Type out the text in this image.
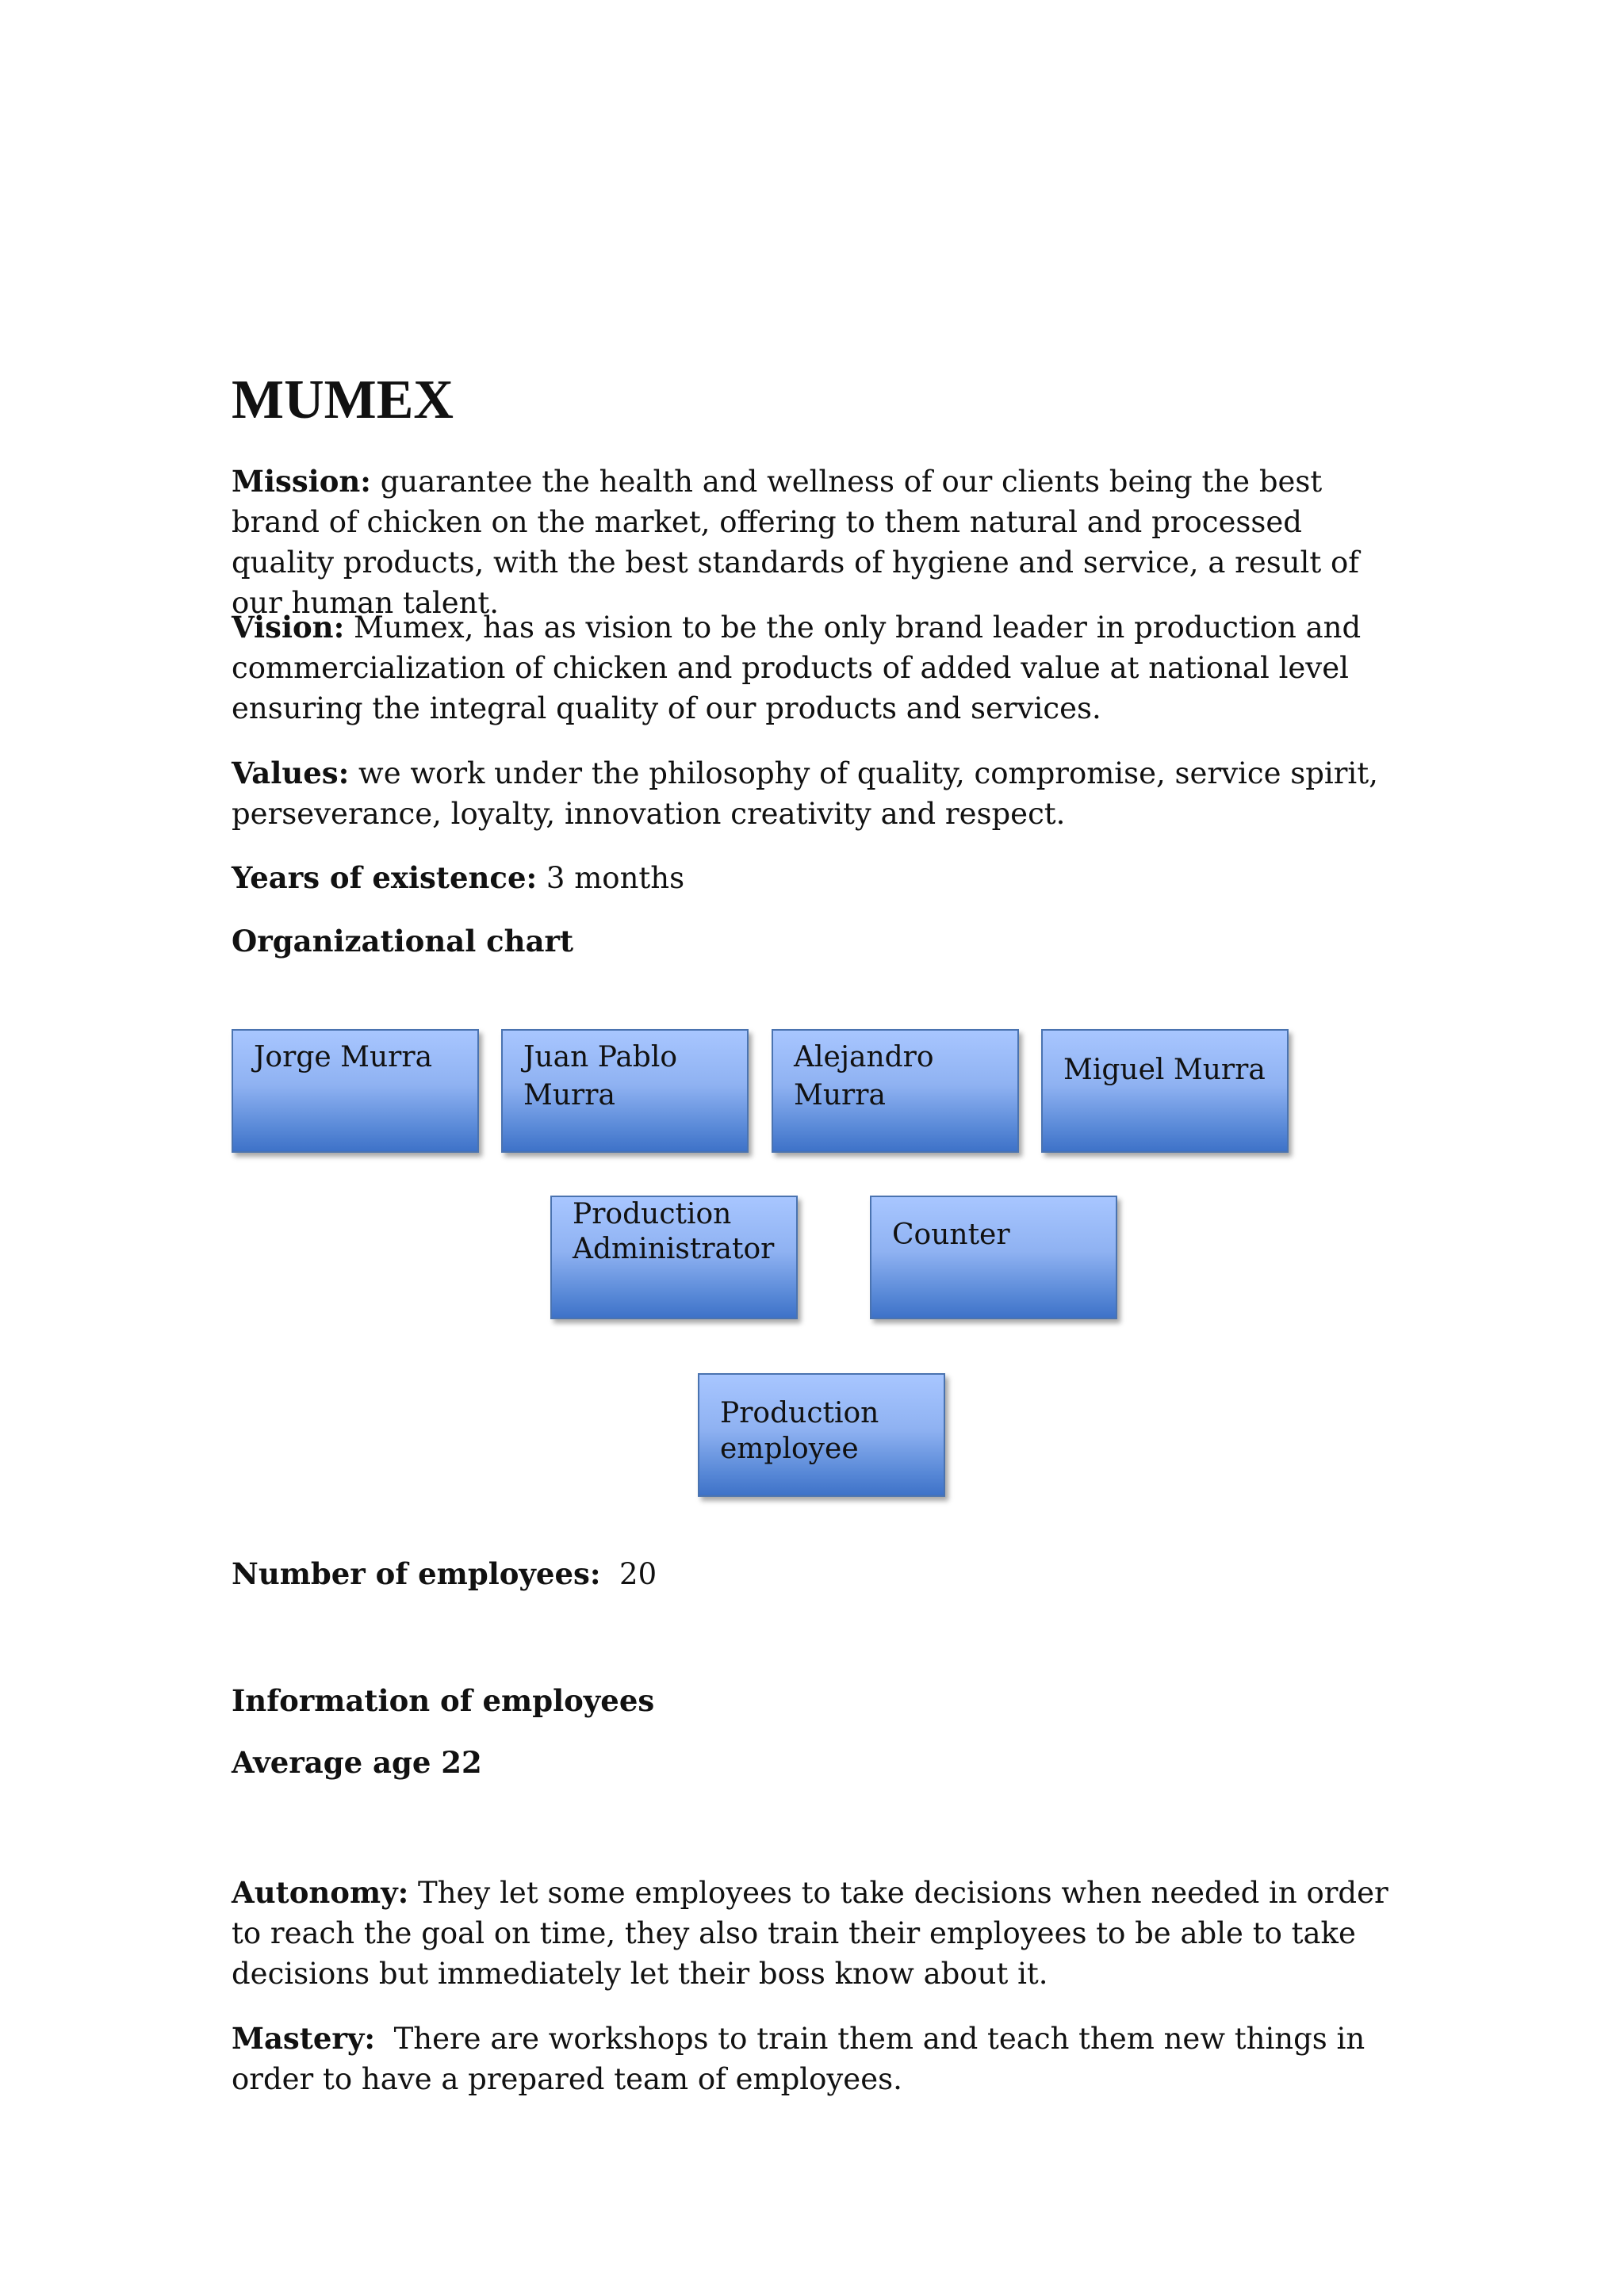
MUMEX

Mission: guarantee the health and wellness of our clients being the best brand of chicken on the market, offering to them natural and processed quality products, with the best standards of hygiene and service, a result of our human talent.

Vision: Mumex, has as vision to be the only brand leader in production and commercialization of chicken and products of added value at national level ensuring the integral quality of our products and services.

Values: we work under the philosophy of quality, compromise, service spirit, perseverance, loyalty, innovation creativity and respect.

Years of existence: 3 months

Organizational chart

Jorge Murra	Juan Pablo Murra
Alejandro Murra
Miguel Murra
Production Administrator	Counter
Production employee

Number of employees:  20

Information of employees

Average age 22

Autonomy: They let some employees to take decisions when needed in order to reach the goal on time, they also train their employees to be able to take decisions but immediately let their boss know about it.

Mastery:  There are workshops to train them and teach them new things in order to have a prepared team of employees.
